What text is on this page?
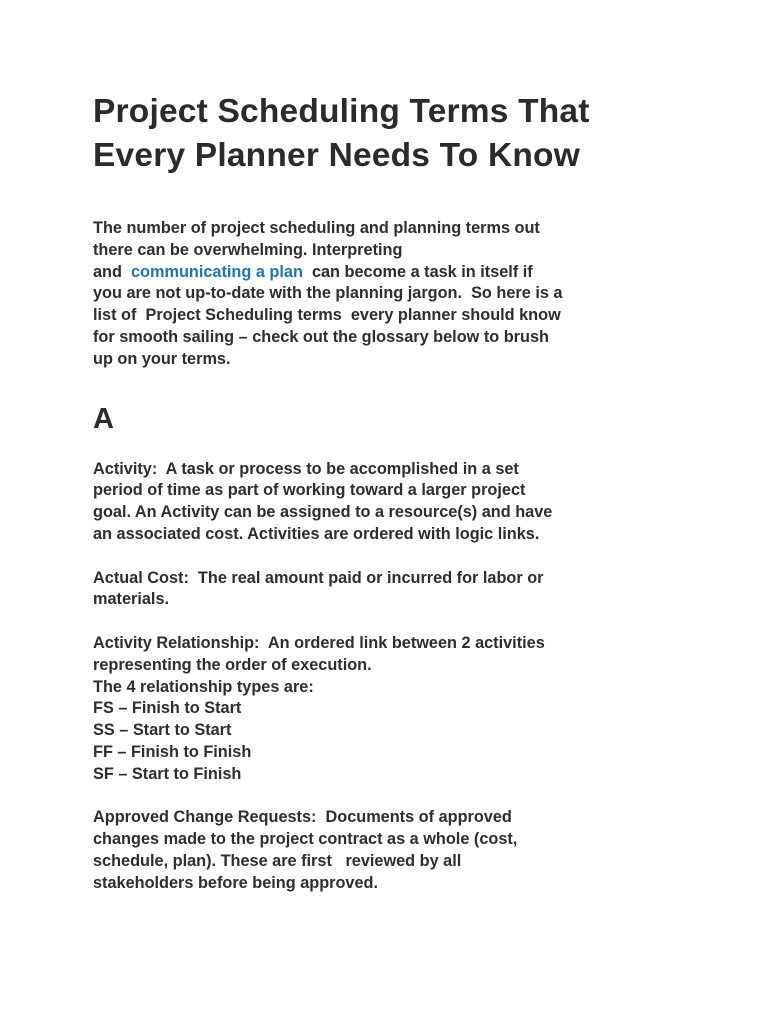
Project Scheduling Terms That
Every Planner Needs To Know
The number of project scheduling and planning terms out
there can be overwhelming. Interpreting
and  communicating a plan  can become a task in itself if
you are not up-to-date with the planning jargon.  So here is a
list of  Project Scheduling terms  every planner should know
for smooth sailing – check out the glossary below to brush
up on your terms.
A
Activity:  A task or process to be accomplished in a set
period of time as part of working toward a larger project
goal. An Activity can be assigned to a resource(s) and have
an associated cost. Activities are ordered with logic links.
Actual Cost:  The real amount paid or incurred for labor or
materials.
Activity Relationship:  An ordered link between 2 activities
representing the order of execution.
The 4 relationship types are:
FS – Finish to Start
SS – Start to Start
FF – Finish to Finish
SF – Start to Finish
Approved Change Requests:  Documents of approved
changes made to the project contract as a whole (cost,
schedule, plan). These are first   reviewed by all
stakeholders before being approved.
